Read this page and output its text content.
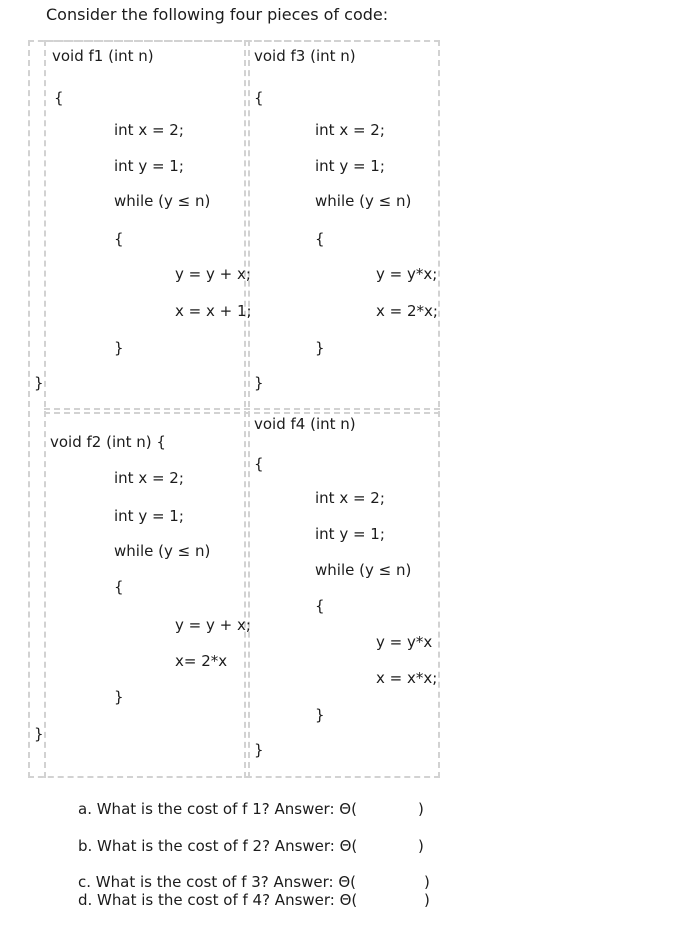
Consider the following four pieces of code:
void f1 (int n)
{
int x = 2;
int y = 1;
while (y ≤ n)
{
y = y + x;
x = x + 1;
}
}
void f3 (int n)
{
int x = 2;
int y = 1;
while (y ≤ n)
{
y = y*x;
x = 2*x;
}
}
void f2 (int n) {
int x = 2;
int y = 1;
while (y ≤ n)
{
y = y + x;
x= 2*x
}
}
void f4 (int n)
{
int x = 2;
int y = 1;
while (y ≤ n)
{
y = y*x
x = x*x;
}
}
a. What is the cost of f 1? Answer: Θ(	)
b. What is the cost of f 2? Answer: Θ(	)
c. What is the cost of f 3? Answer: Θ(	)
d. What is the cost of f 4? Answer: Θ(	)
